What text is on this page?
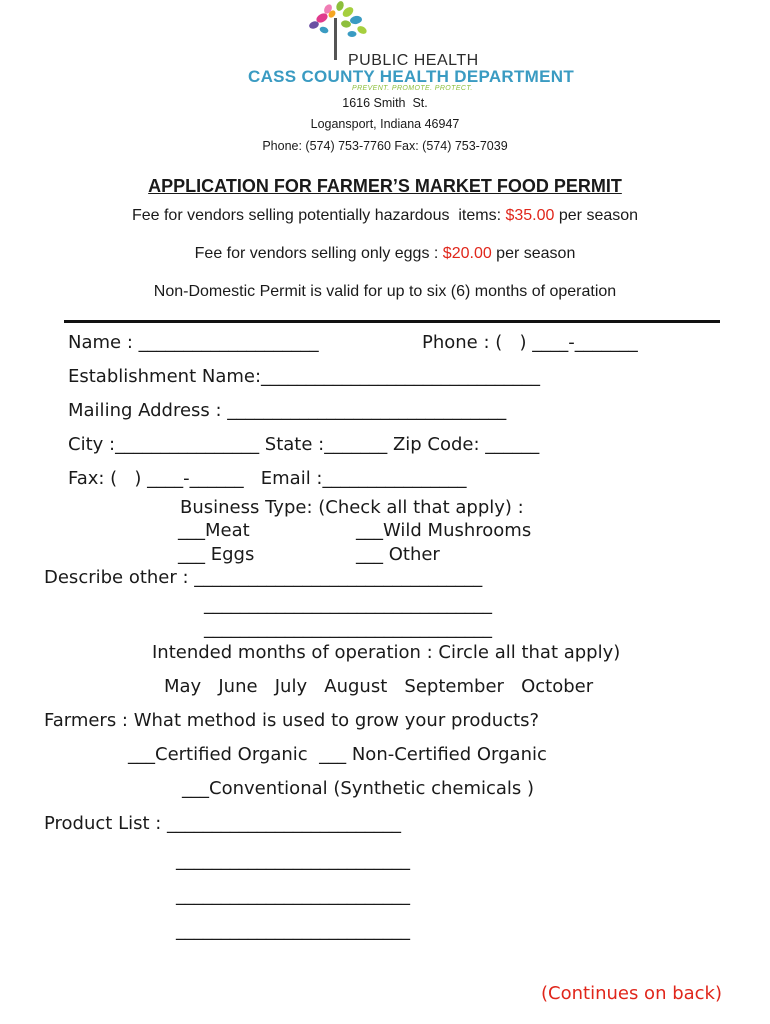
PUBLIC HEALTH
CASS COUNTY HEALTH DEPARTMENT
PREVENT. PROMOTE. PROTECT.
1616 Smith  St.
Logansport, Indiana 46947
Phone: (574) 753-7760 Fax: (574) 753-7039
APPLICATION FOR FARMER’S MARKET FOOD PERMIT
Fee for vendors selling potentially hazardous  items: $35.00 per season
Fee for vendors selling only eggs : $20.00 per season
Non-Domestic Permit is valid for up to six (6) months of operation
Name : ____________________	Phone : (   ) ____-_______
Establishment Name:_______________________________
Mailing Address : _______________________________
City :________________ State :_______ Zip Code: ______
Fax: (   ) ____-______   Email :________________
Business Type: (Check all that apply) :
___Meat	___Wild Mushrooms
___ Eggs	___ Other
Describe other : ________________________________
________________________________
________________________________
Intended months of operation : Circle all that apply)
May   June   July   August   September   October
Farmers : What method is used to grow your products?
___Certified Organic  ___ Non-Certified Organic
___Conventional (Synthetic chemicals )
Product List : __________________________
__________________________
__________________________
__________________________
(Continues on back)
